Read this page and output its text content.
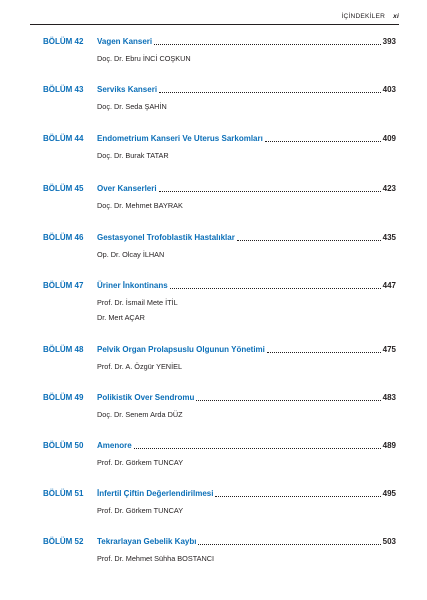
İÇİNDEKİLER xi
BÖLÜM 42 Vagen Kanseri	393
Doç. Dr. Ebru İNCİ COŞKUN
BÖLÜM 43 Serviks Kanseri	403
Doç. Dr. Seda ŞAHİN
BÖLÜM 44 Endometrium Kanseri Ve Uterus Sarkomları	409
Doç. Dr. Burak TATAR
BÖLÜM 45 Over Kanserleri	423
Doç. Dr. Mehmet BAYRAK
BÖLÜM 46 Gestasyonel Trofoblastik Hastalıklar	435
Op. Dr. Olcay İLHAN
BÖLÜM 47 Üriner İnkontinans	447
Prof. Dr. İsmail Mete İTİL
Dr. Mert AÇAR
BÖLÜM 48 Pelvik Organ Prolapsuslu Olgunun Yönetimi	475
Prof. Dr. A. Özgür YENİEL
BÖLÜM 49 Polikistik Over Sendromu	483
Doç. Dr. Senem Arda DÜZ
BÖLÜM 50 Amenore	489
Prof. Dr. Görkem TUNCAY
BÖLÜM 51 İnfertil Çiftin Değerlendirilmesi	495
Prof. Dr. Görkem TUNCAY
BÖLÜM 52 Tekrarlayan Gebelik Kaybı	503
Prof. Dr. Mehmet Sühha BOSTANCI
